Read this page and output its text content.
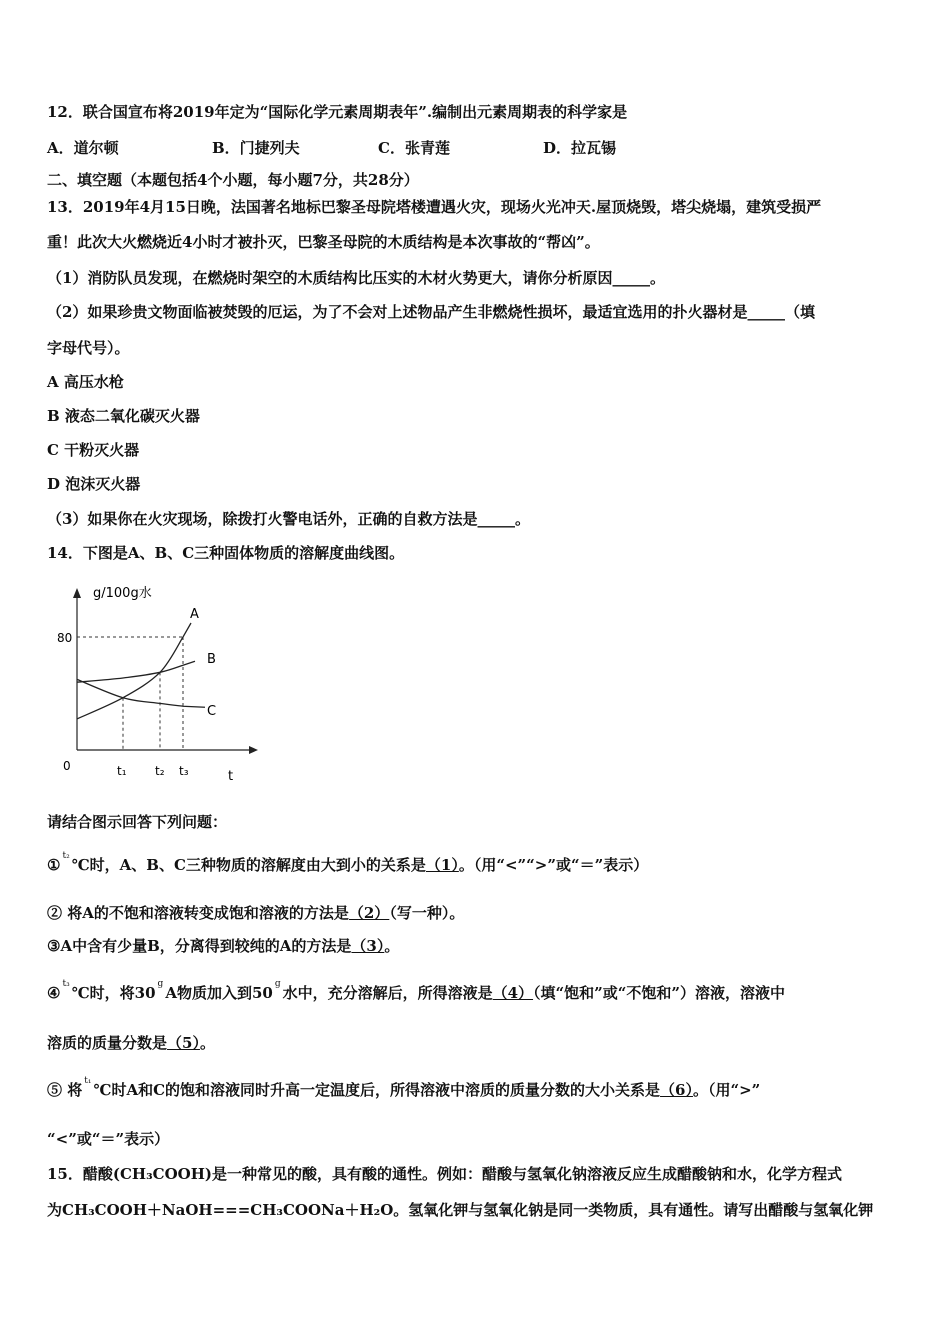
12．联合国宣布将2019年定为“国际化学元素周期表年”.编制出元素周期表的科学家是
A．道尔顿	B．门捷列夫	C．张青莲	D．拉瓦锡
二、填空题（本题包括4个小题，每小题7分，共28分）
13．2019年4月15日晚，法国著名地标巴黎圣母院塔楼遭遇火灾，现场火光冲天.屋顶烧毁，塔尖烧塌，建筑受损严
重！此次大火燃烧近4小时才被扑灭，巴黎圣母院的木质结构是本次事故的“帮凶”。
（1）消防队员发现，在燃烧时架空的木质结构比压实的木材火势更大，请你分析原因_____。
（2）如果珍贵文物面临被焚毁的厄运，为了不会对上述物品产生非燃烧性损坏，最适宜选用的扑火器材是_____（填
字母代号）。
A 高压水枪
B 液态二氧化碳灭火器
C 干粉灭火器
D 泡沫灭火器
（3）如果你在火灾现场，除拨打火警电话外，正确的自救方法是_____。
14．下图是A、B、C三种固体物质的溶解度曲线图。
g/100g水
t
80
0	t₁ t₂ t₃
A
B
C
请结合图示回答下列问题：
① $^{t_2}$ ℃时，A、B、C三种物质的溶解度由大到小的关系是（1）。（用“<”“>”或“＝”表示）
② 将A的不饱和溶液转变成饱和溶液的方法是（2）（写一种）。
③A中含有少量B，分离得到较纯的A的方法是（3）。
④ $^{t_3}$ ℃时，将30 $^g$ A物质加入到50 $^g$ 水中，充分溶解后，所得溶液是（4）（填“饱和”或“不饱和”）溶液，溶液中
溶质的质量分数是（5）。
⑤ 将 $^{t_1}$ ℃时A和C的饱和溶液同时升高一定温度后，所得溶液中溶质的质量分数的大小关系是（6）。（用“>”
“<”或“＝”表示）
15．醋酸(CH₃COOH)是一种常见的酸，具有酸的通性。例如：醋酸与氢氧化钠溶液反应生成醋酸钠和水，化学方程式
为CH₃COOH＋NaOH===CH₃COONa＋H₂O。氢氧化钾与氢氧化钠是同一类物质，具有通性。请写出醋酸与氢氧化钾
